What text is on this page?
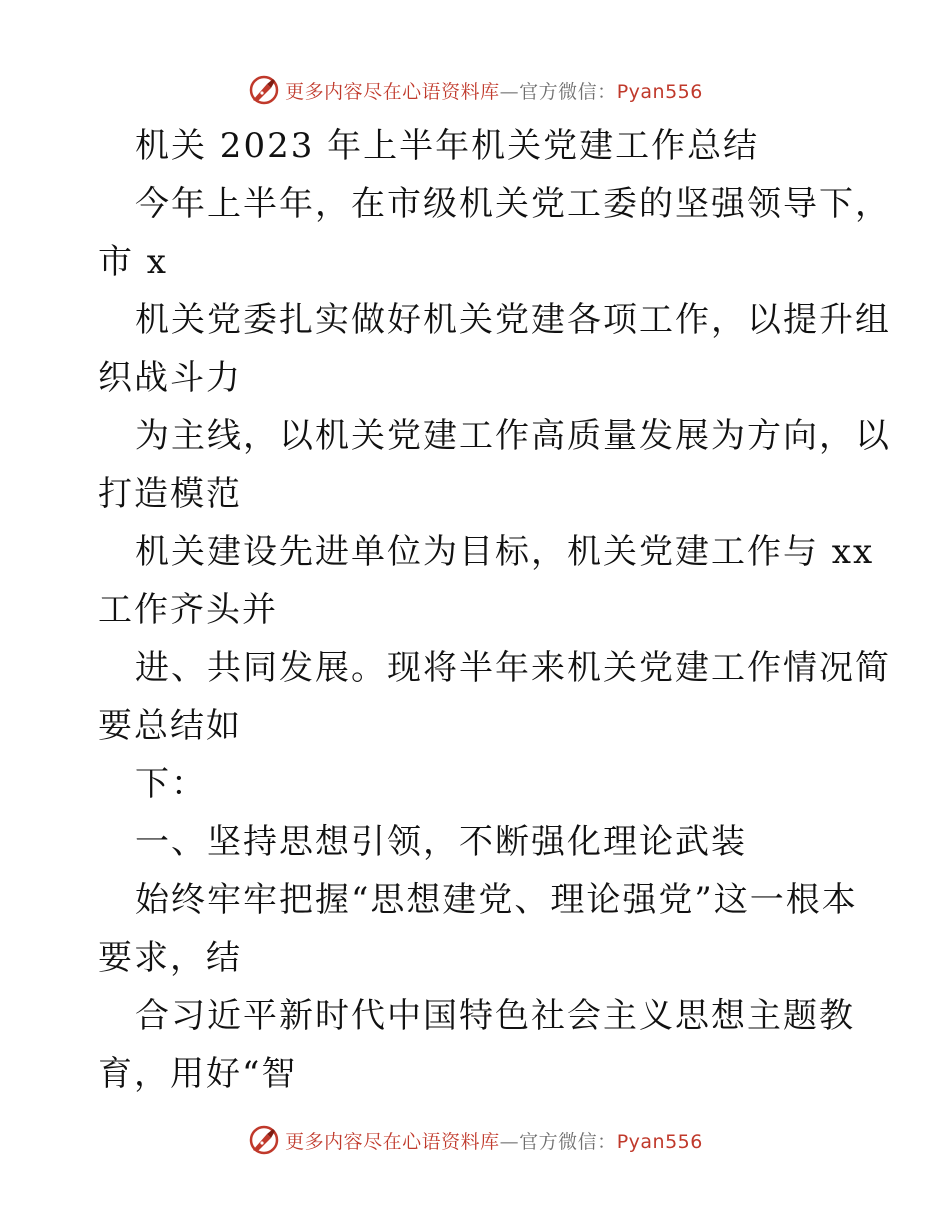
更多内容尽在心语资料库—官方微信：Pyan556
机关 2023 年上半年机关党建工作总结
今年上半年，在市级机关党工委的坚强领导下，
市 x
机关党委扎实做好机关党建各项工作，以提升组
织战斗力
为主线，以机关党建工作高质量发展为方向，以
打造模范
机关建设先进单位为目标，机关党建工作与 xx
工作齐头并
进、共同发展。现将半年来机关党建工作情况简
要总结如
下：
一、坚持思想引领，不断强化理论武装
始终牢牢把握“思想建党、理论强党”这一根本
要求，结
合习近平新时代中国特色社会主义思想主题教
育，用好“智
更多内容尽在心语资料库—官方微信：Pyan556
